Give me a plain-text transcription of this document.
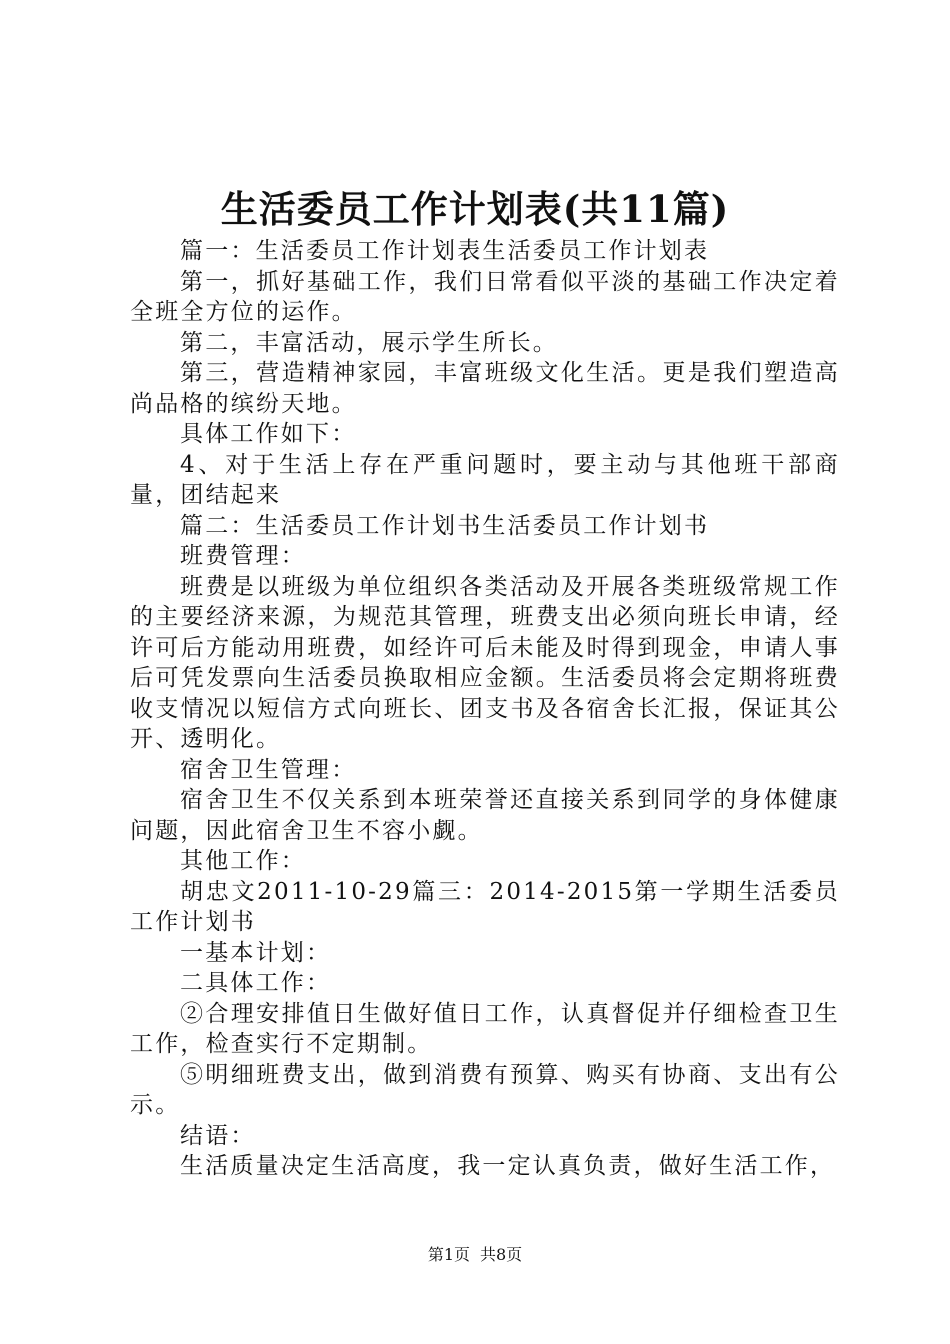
生活委员工作计划表(共11篇)

篇一：生活委员工作计划表生活委员工作计划表

第一，抓好基础工作，我们日常看似平淡的基础工作决定着全班全方位的运作。

第二，丰富活动，展示学生所长。

第三，营造精神家园，丰富班级文化生活。更是我们塑造高尚品格的缤纷天地。

具体工作如下：

4、对于生活上存在严重问题时，要主动与其他班干部商量，团结起来

篇二：生活委员工作计划书生活委员工作计划书

班费管理：

班费是以班级为单位组织各类活动及开展各类班级常规工作的主要经济来源，为规范其管理，班费支出必须向班长申请，经许可后方能动用班费，如经许可后未能及时得到现金，申请人事后可凭发票向生活委员换取相应金额。生活委员将会定期将班费收支情况以短信方式向班长、团支书及各宿舍长汇报，保证其公开、透明化。

宿舍卫生管理：

宿舍卫生不仅关系到本班荣誉还直接关系到同学的身体健康问题，因此宿舍卫生不容小觑。

其他工作：

胡忠文2011-10-29篇三：2014-2015第一学期生活委员工作计划书

一基本计划：

二具体工作：

②合理安排值日生做好值日工作，认真督促并仔细检查卫生工作，检查实行不定期制。

⑤明细班费支出，做到消费有预算、购买有协商、支出有公示。

结语：

生活质量决定生活高度，我一定认真负责，做好生活工作，

第1页 共8页
